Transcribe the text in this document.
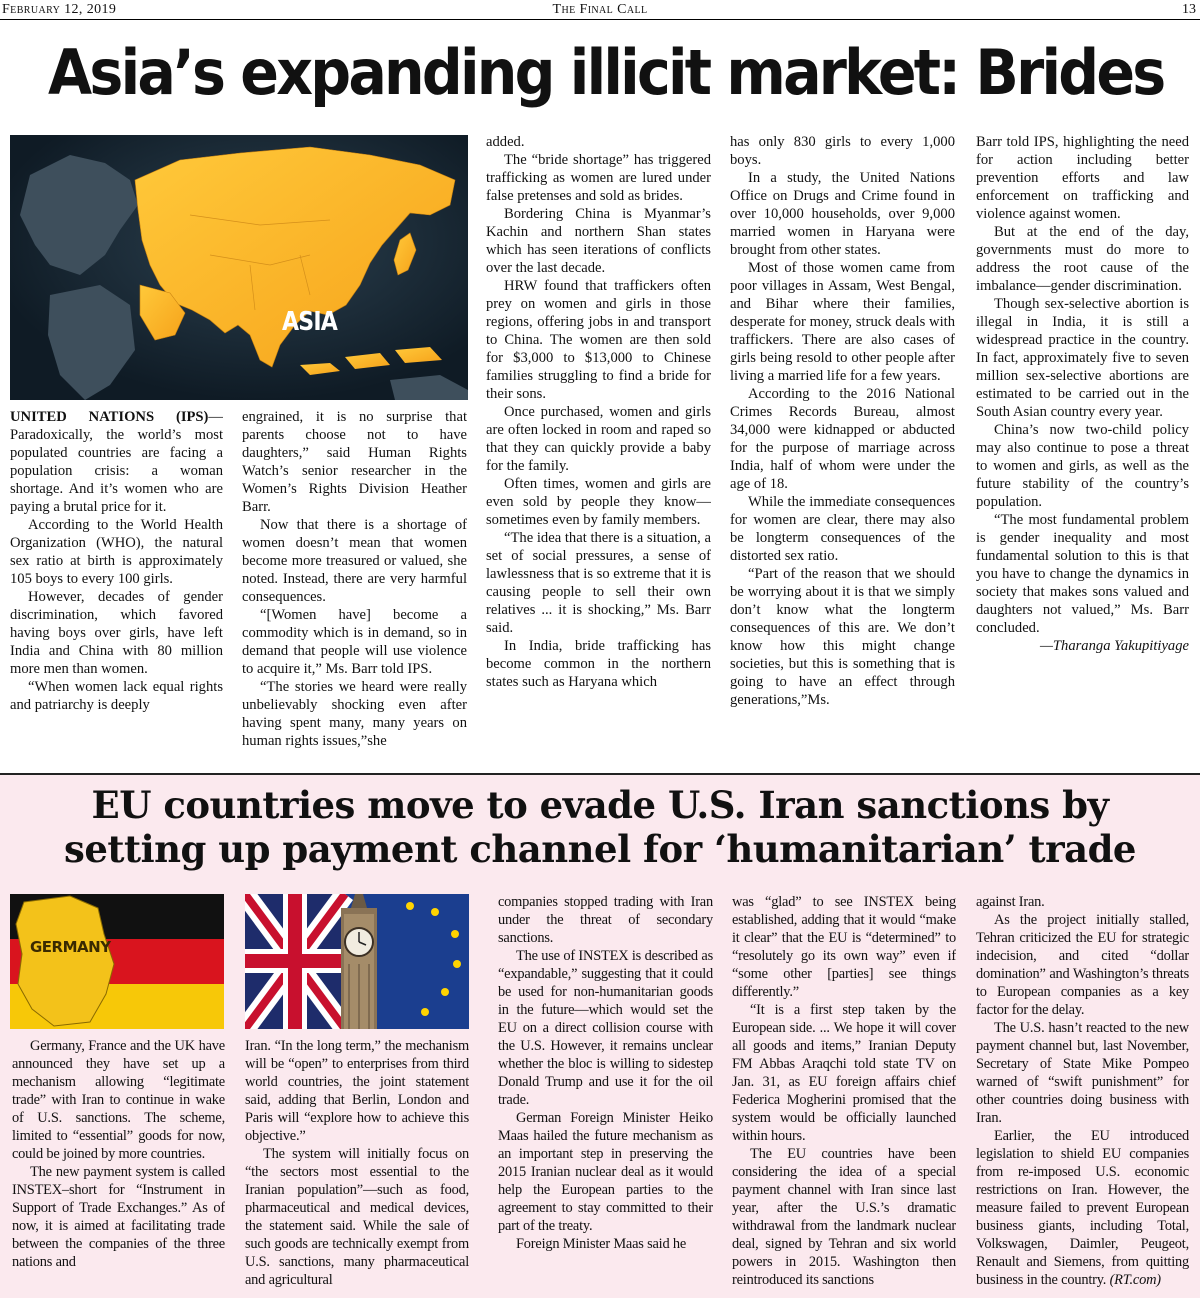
February 12, 2019	The Final Call	13
Asia’s expanding illicit market: Brides
ASIA

UNITED NATIONS (IPS)—Paradoxically, the world’s most populated countries are facing a population crisis: a woman shortage. And it’s women who are paying a brutal price for it.

According to the World Health Organization (WHO), the natural sex ratio at birth is approximately 105 boys to every 100 girls.

However, decades of gender discrimination, which favored having boys over girls, have left India and China with 80 million more men than women.

“When women lack equal rights and patriarchy is deeply

engrained, it is no surprise that parents choose not to have daughters,” said Human Rights Watch’s senior researcher in the Women’s Rights Division Heather Barr.

Now that there is a shortage of women doesn’t mean that women become more treasured or valued, she noted. Instead, there are very harmful consequences.

“[Women have] become a commodity which is in demand, so in demand that people will use violence to acquire it,” Ms. Barr told IPS.

“The stories we heard were really unbelievably shocking even after having spent many, many years on human rights issues,”she

added.

The “bride shortage” has triggered trafficking as women are lured under false pretenses and sold as brides.

Bordering China is Myanmar’s Kachin and northern Shan states which has seen iterations of conflicts over the last decade.

HRW found that traffickers often prey on women and girls in those regions, offering jobs in and transport to China. The women are then sold for $3,000 to $13,000 to Chinese families struggling to find a bride for their sons.

Once purchased, women and girls are often locked in room and raped so that they can quickly provide a baby for the family.

Often times, women and girls are even sold by people they know—sometimes even by family members.

“The idea that there is a situation, a set of social pressures, a sense of lawlessness that is so extreme that it is causing people to sell their own relatives ... it is shocking,” Ms. Barr said.

In India, bride trafficking has become common in the northern states such as Haryana which

has only 830 girls to every 1,000 boys.

In a study, the United Nations Office on Drugs and Crime found in over 10,000 households, over 9,000 married women in Haryana were brought from other states.

Most of those women came from poor villages in Assam, West Bengal, and Bihar where their families, desperate for money, struck deals with traffickers. There are also cases of girls being resold to other people after living a married life for a few years.

According to the 2016 National Crimes Records Bureau, almost 34,000 were kidnapped or abducted for the purpose of marriage across India, half of whom were under the age of 18.

While the immediate consequences for women are clear, there may also be longterm consequences of the distorted sex ratio.

“Part of the reason that we should be worrying about it is that we simply don’t know what the longterm consequences of this are. We don’t know how this might change societies, but this is something that is going to have an effect through generations,”Ms.

Barr told IPS, highlighting the need for action including better prevention efforts and law enforcement on trafficking and violence against women.

But at the end of the day, governments must do more to address the root cause of the imbalance—gender discrimination.

Though sex-selective abortion is illegal in India, it is still a widespread practice in the country. In fact, approximately five to seven million sex-selective abortions are estimated to be carried out in the South Asian country every year.

China’s now two-child policy may also continue to pose a threat to women and girls, as well as the future stability of the country’s population.

“The most fundamental problem is gender inequality and most fundamental solution to this is that you have to change the dynamics in society that makes sons valued and daughters not valued,” Ms. Barr concluded.

—Tharanga Yakupitiyage

EU countries move to evade U.S. Iran sanctions by
setting up payment channel for ‘humanitarian’ trade
GERMANY

Germany, France and the UK have announced they have set up a mechanism allowing “legitimate trade” with Iran to continue in wake of U.S. sanctions. The scheme, limited to “essential” goods for now, could be joined by more countries.

The new payment system is called INSTEX–short for “Instrument in Support of Trade Exchanges.” As of now, it is aimed at facilitating trade between the companies of the three nations and

Iran. “In the long term,” the mechanism will be “open” to enterprises from third world countries, the joint statement said, adding that Berlin, London and Paris will “explore how to achieve this objective.”

The system will initially focus on “the sectors most essential to the Iranian population”—such as food, pharmaceutical and medical devices, the statement said. While the sale of such goods are technically exempt from U.S. sanctions, many pharmaceutical and agricultural

companies stopped trading with Iran under the threat of secondary sanctions.

The use of INSTEX is described as “expandable,” suggesting that it could be used for non-humanitarian goods in the future—which would set the EU on a direct collision course with the U.S. However, it remains unclear whether the bloc is willing to sidestep Donald Trump and use it for the oil trade.

German Foreign Minister Heiko Maas hailed the future mechanism as an important step in preserving the 2015 Iranian nuclear deal as it would help the European parties to the agreement to stay committed to their part of the treaty.

Foreign Minister Maas said he

was “glad” to see INSTEX being established, adding that it would “make it clear” that the EU is “determined” to “resolutely go its own way” even if “some other [parties] see things differently.”

“It is a first step taken by the European side. ... We hope it will cover all goods and items,” Iranian Deputy FM Abbas Araqchi told state TV on Jan. 31, as EU foreign affairs chief Federica Mogherini promised that the system would be officially launched within hours.

The EU countries have been considering the idea of a special payment channel with Iran since last year, after the U.S.’s dramatic withdrawal from the landmark nuclear deal, signed by Tehran and six world powers in 2015. Washington then reintroduced its sanctions

against Iran.

As the project initially stalled, Tehran criticized the EU for strategic indecision, and cited “dollar domination” and Washington’s threats to European companies as a key factor for the delay.

The U.S. hasn’t reacted to the new payment channel but, last November, Secretary of State Mike Pompeo warned of “swift punishment” for other countries doing business with Iran.

Earlier, the EU introduced legislation to shield EU companies from re-imposed U.S. economic restrictions on Iran. However, the measure failed to prevent European business giants, including Total, Volkswagen, Daimler, Peugeot, Renault and Siemens, from quitting business in the country. (RT.com)
